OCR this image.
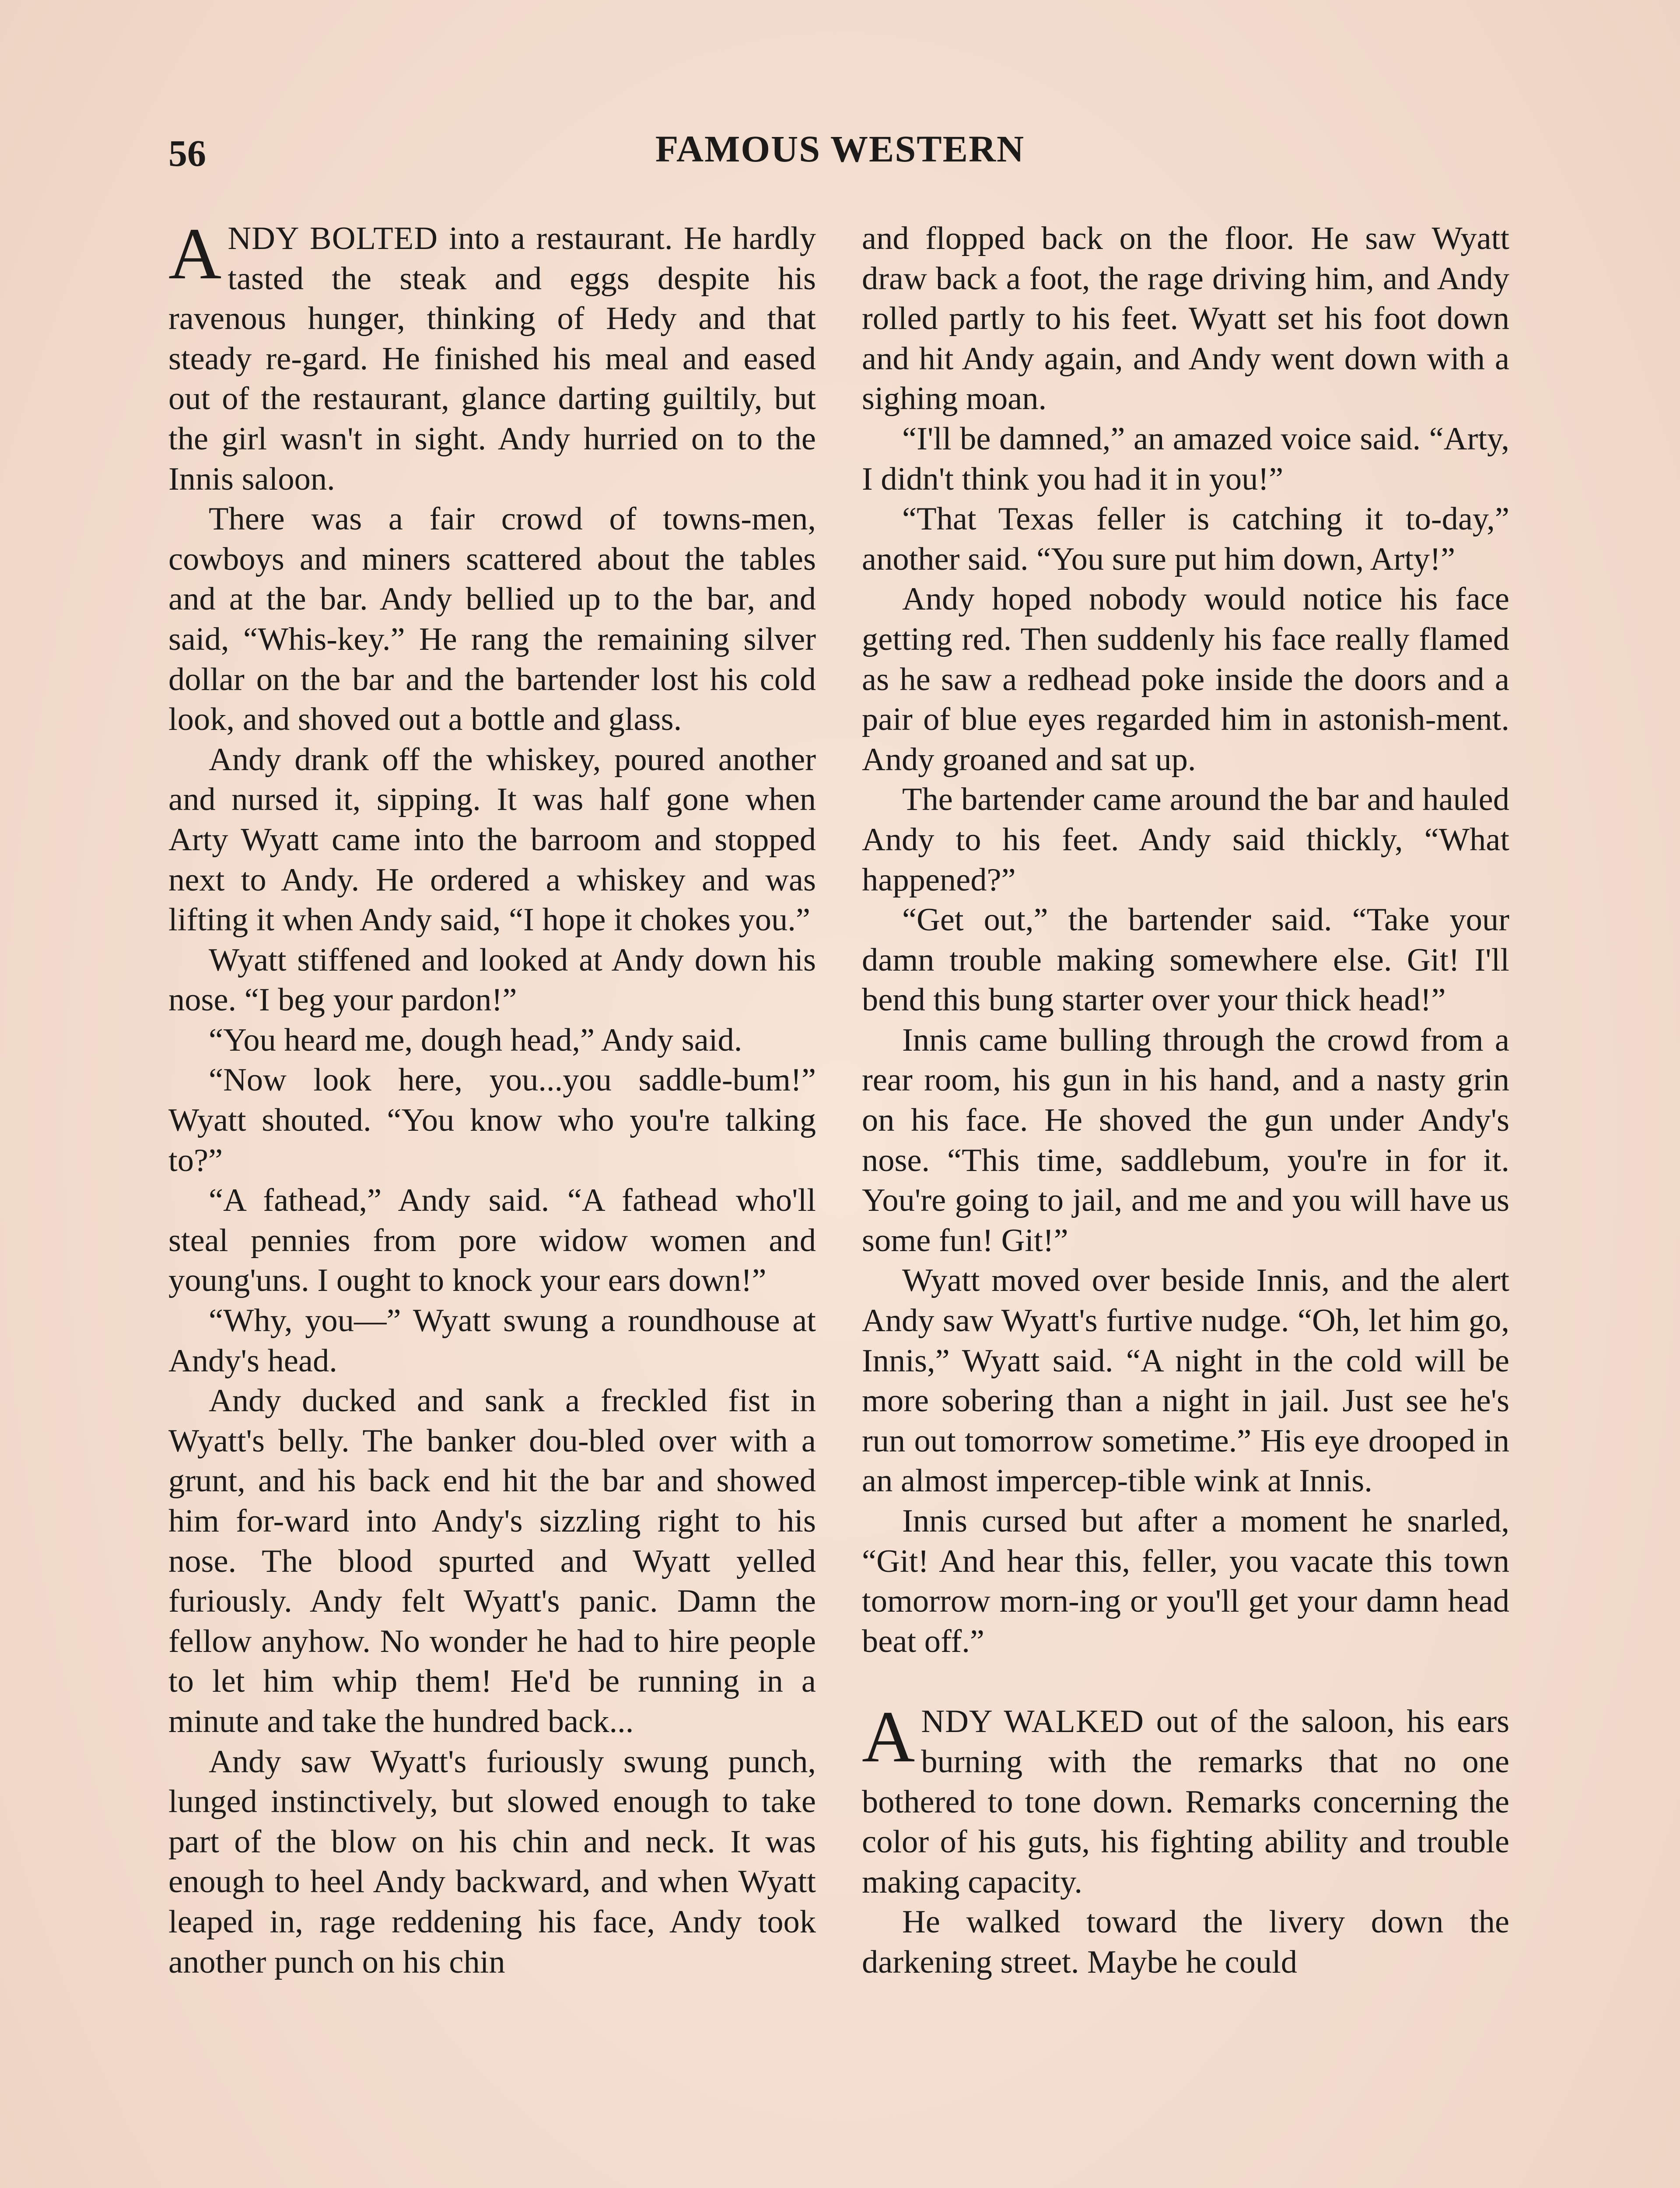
56	FAMOUS WESTERN

ANDY BOLTED into a restaurant. He hardly tasted the steak and eggs despite his ravenous hunger, thinking of Hedy and that steady re-gard. He finished his meal and eased out of the restaurant, glance darting guiltily, but the girl wasn't in sight. Andy hurried on to the Innis saloon.

There was a fair crowd of towns-men, cowboys and miners scattered about the tables and at the bar. Andy bellied up to the bar, and said, “Whis-key.” He rang the remaining silver dollar on the bar and the bartender lost his cold look, and shoved out a bottle and glass.

Andy drank off the whiskey, poured another and nursed it, sipping. It was half gone when Arty Wyatt came into the barroom and stopped next to Andy. He ordered a whiskey and was lifting it when Andy said, “I hope it chokes you.”

Wyatt stiffened and looked at Andy down his nose. “I beg your pardon!”

“You heard me, dough head,” Andy said.

“Now look here, you...you saddle-bum!” Wyatt shouted. “You know who you're talking to?”

“A fathead,” Andy said. “A fathead who'll steal pennies from pore widow women and young'uns. I ought to knock your ears down!”

“Why, you—” Wyatt swung a roundhouse at Andy's head.

Andy ducked and sank a freckled fist in Wyatt's belly. The banker dou-bled over with a grunt, and his back end hit the bar and showed him for-ward into Andy's sizzling right to his nose. The blood spurted and Wyatt yelled furiously. Andy felt Wyatt's panic. Damn the fellow anyhow. No wonder he had to hire people to let him whip them! He'd be running in a minute and take the hundred back...

Andy saw Wyatt's furiously swung punch, lunged instinctively, but slowed enough to take part of the blow on his chin and neck. It was enough to heel Andy backward, and when Wyatt leaped in, rage reddening his face, Andy took another punch on his chin

and flopped back on the floor. He saw Wyatt draw back a foot, the rage driving him, and Andy rolled partly to his feet. Wyatt set his foot down and hit Andy again, and Andy went down with a sighing moan.

“I'll be damned,” an amazed voice said. “Arty, I didn't think you had it in you!”

“That Texas feller is catching it to-day,” another said. “You sure put him down, Arty!”

Andy hoped nobody would notice his face getting red. Then suddenly his face really flamed as he saw a redhead poke inside the doors and a pair of blue eyes regarded him in astonish-ment. Andy groaned and sat up.

The bartender came around the bar and hauled Andy to his feet. Andy said thickly, “What happened?”

“Get out,” the bartender said. “Take your damn trouble making somewhere else. Git! I'll bend this bung starter over your thick head!”

Innis came bulling through the crowd from a rear room, his gun in his hand, and a nasty grin on his face. He shoved the gun under Andy's nose. “This time, saddlebum, you're in for it. You're going to jail, and me and you will have us some fun! Git!”

Wyatt moved over beside Innis, and the alert Andy saw Wyatt's furtive nudge. “Oh, let him go, Innis,” Wyatt said. “A night in the cold will be more sobering than a night in jail. Just see he's run out tomorrow sometime.” His eye drooped in an almost impercep-tible wink at Innis.

Innis cursed but after a moment he snarled, “Git! And hear this, feller, you vacate this town tomorrow morn-ing or you'll get your damn head beat off.”

ANDY WALKED out of the saloon, his ears burning with the remarks that no one bothered to tone down. Remarks concerning the color of his guts, his fighting ability and trouble making capacity.

He walked toward the livery down the darkening street. Maybe he could
